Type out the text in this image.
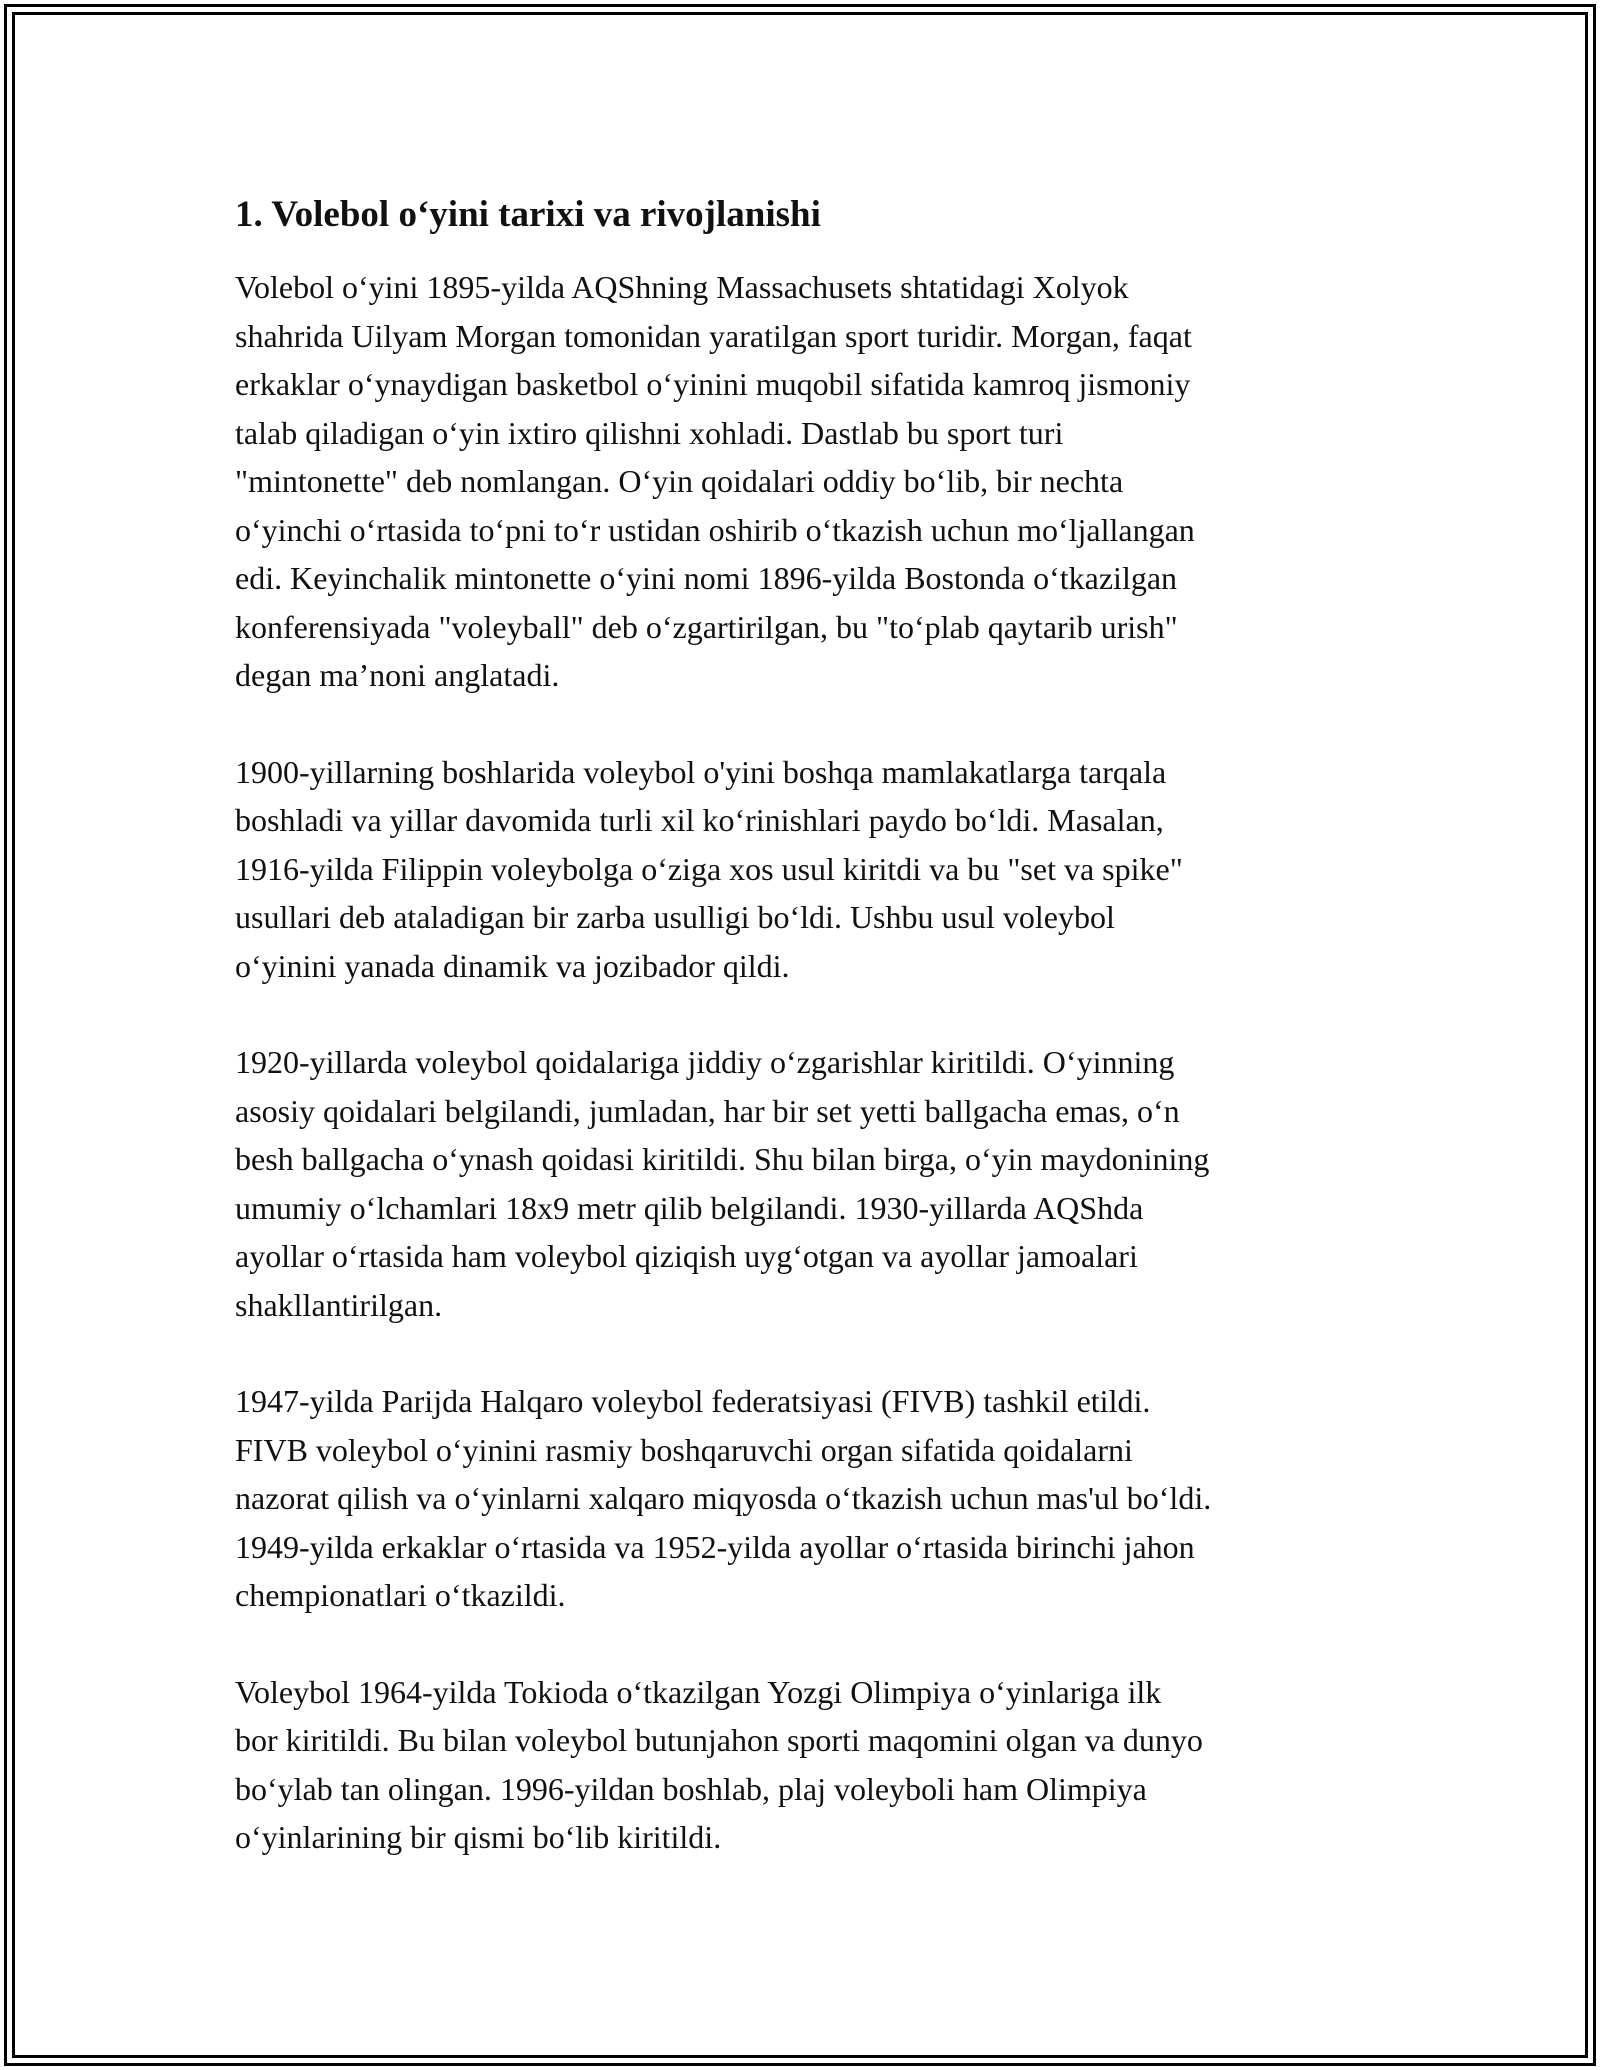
1. Volebol oʻyini tarixi va rivojlanishi

Volebol oʻyini 1895-yilda AQShning Massachusets shtatidagi Xolyok
shahrida Uilyam Morgan tomonidan yaratilgan sport turidir. Morgan, faqat
erkaklar oʻynaydigan basketbol oʻyinini muqobil sifatida kamroq jismoniy
talab qiladigan oʻyin ixtiro qilishni xohladi. Dastlab bu sport turi
"mintonette" deb nomlangan. Oʻyin qoidalari oddiy boʻlib, bir nechta
oʻyinchi oʻrtasida toʻpni toʻr ustidan oshirib oʻtkazish uchun moʻljallangan
edi. Keyinchalik mintonette oʻyini nomi 1896-yilda Bostonda oʻtkazilgan
konferensiyada "voleyball" deb oʻzgartirilgan, bu "toʻplab qaytarib urish"
degan ma’noni anglatadi.

1900-yillarning boshlarida voleybol o'yini boshqa mamlakatlarga tarqala
boshladi va yillar davomida turli xil koʻrinishlari paydo boʻldi. Masalan,
1916-yilda Filippin voleybolga oʻziga xos usul kiritdi va bu "set va spike"
usullari deb ataladigan bir zarba usulligi boʻldi. Ushbu usul voleybol
oʻyinini yanada dinamik va jozibador qildi.

1920-yillarda voleybol qoidalariga jiddiy oʻzgarishlar kiritildi. Oʻyinning
asosiy qoidalari belgilandi, jumladan, har bir set yetti ballgacha emas, oʻn
besh ballgacha oʻynash qoidasi kiritildi. Shu bilan birga, oʻyin maydonining
umumiy oʻlchamlari 18x9 metr qilib belgilandi. 1930-yillarda AQShda
ayollar oʻrtasida ham voleybol qiziqish uygʻotgan va ayollar jamoalari
shakllantirilgan.

1947-yilda Parijda Halqaro voleybol federatsiyasi (FIVB) tashkil etildi.
FIVB voleybol oʻyinini rasmiy boshqaruvchi organ sifatida qoidalarni
nazorat qilish va oʻyinlarni xalqaro miqyosda oʻtkazish uchun mas'ul boʻldi.
1949-yilda erkaklar oʻrtasida va 1952-yilda ayollar oʻrtasida birinchi jahon
chempionatlari oʻtkazildi.

Voleybol 1964-yilda Tokioda oʻtkazilgan Yozgi Olimpiya oʻyinlariga ilk
bor kiritildi. Bu bilan voleybol butunjahon sporti maqomini olgan va dunyo
boʻylab tan olingan. 1996-yildan boshlab, plaj voleyboli ham Olimpiya
oʻyinlarining bir qismi boʻlib kiritildi.
